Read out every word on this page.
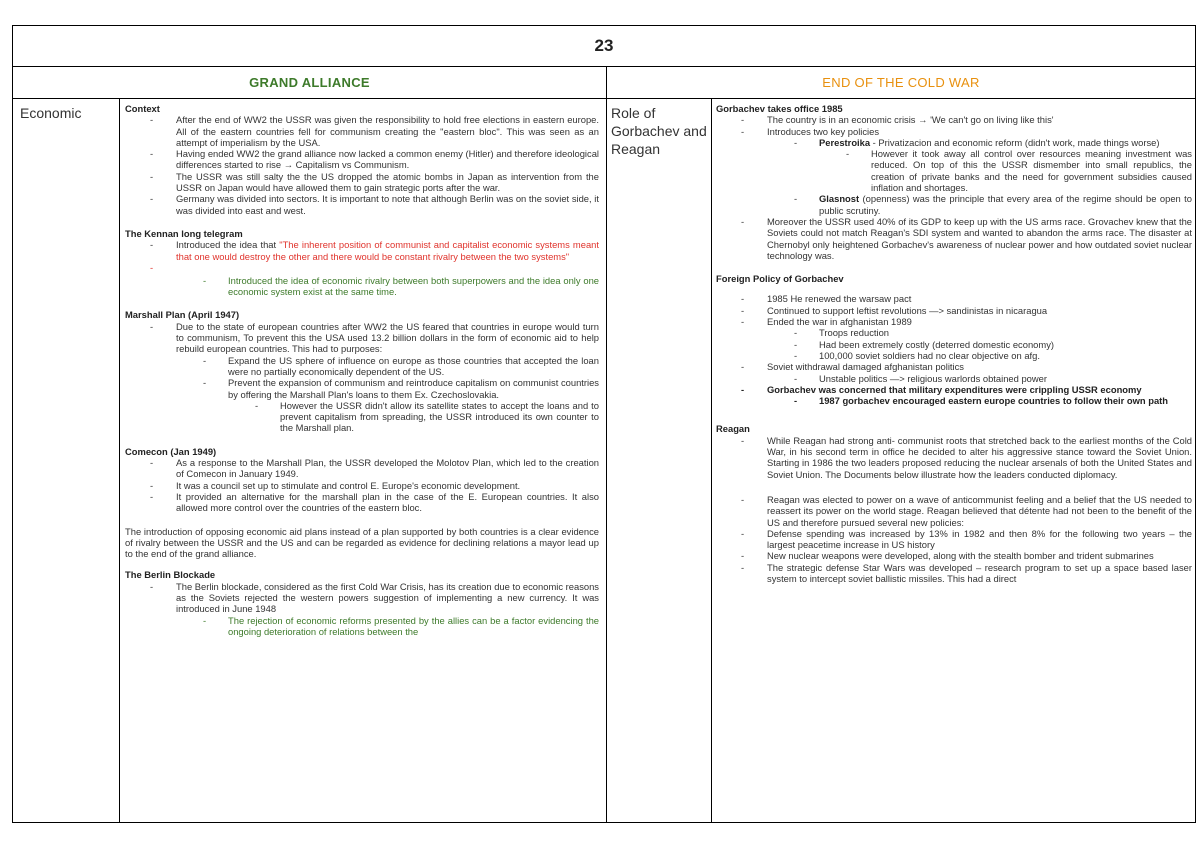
23
GRAND ALLIANCE	END OF THE COLD WAR
Economic	Role of Gorbachev and Reagan
Context
- After the end of WW2 the USSR was given the responsibility to hold free elections in eastern europe. All of the eastern countries fell for communism creating the "eastern bloc". This was seen as an attempt of imperialism by the USA.
- Having ended WW2 the grand alliance now lacked a common enemy (Hitler) and therefore ideological differences started to rise → Capitalism vs Communism.
- The USSR was still salty the the US dropped the atomic bombs in Japan as intervention from the USSR on Japan would have allowed them to gain strategic ports after the war.
- Germany was divided into sectors. It is important to note that although Berlin was on the soviet side, it was divided into east and west.
The Kennan long telegram
- Introduced the idea that "The inherent position of communist and capitalist economic systems meant that one would destroy the other and there would be constant rivalry between the two systems"
-
- Introduced the idea of economic rivalry between both superpowers and the idea only one economic system exist at the same time.
Marshall Plan (April 1947)
- Due to the state of european countries after WW2 the US feared that countries in europe would turn to communism, To prevent this the USA used 13.2 billion dollars in the form of economic aid to help rebuild european countries. This had to purposes:
- Expand the US sphere of influence on europe as those countries that accepted the loan were no partially economically dependent of the US.
- Prevent the expansion of communism and reintroduce capitalism on communist countries by offering the Marshall Plan's loans to them Ex. Czechoslovakia.
- However the USSR didn't allow its satellite states to accept the loans and to prevent capitalism from spreading, the USSR introduced its own counter to the Marshall plan.
Comecon (Jan 1949)
- As a response to the Marshall Plan, the USSR developed the Molotov Plan, which led to the creation of Comecon in January 1949.
- It was a council set up to stimulate and control E. Europe's economic development.
- It provided an alternative for the marshall plan in the case of the E. European countries. It also allowed more control over the countries of the eastern bloc.
The introduction of opposing economic aid plans instead of a plan supported by both countries is a clear evidence of rivalry between the USSR and the US and can be regarded as evidence for declining relations a mayor lead up to the end of the grand alliance.
The Berlin Blockade
- The Berlin blockade, considered as the first Cold War Crisis, has its creation due to economic reasons as the Soviets rejected the western powers suggestion of implementing a new currency. It was introduced in June 1948
- The rejection of economic reforms presented by the allies can be a factor evidencing the ongoing deterioration of relations between the
Gorbachev takes office 1985
- The country is in an economic crisis → 'We can't go on living like this'
- Introduces two key policies
- Perestroika - Privatizacion and economic reform (didn't work, made things worse)
- However it took away all control over resources meaning investment was reduced. On top of this the USSR dismember into small republics, the creation of private banks and the need for government subsidies caused inflation and shortages.
- Glasnost (openness) was the principle that every area of the regime should be open to public scrutiny.
- Moreover the USSR used 40% of its GDP to keep up with the US arms race. Grovachev knew that the Soviets could not match Reagan's SDI system and wanted to abandon the arms race. The disaster at Chernobyl only heightened Gorbachev's awareness of nuclear power and how outdated soviet nuclear technology was.
Foreign Policy of Gorbachev
- 1985 He renewed the warsaw pact
- Continued to support leftist revolutions —> sandinistas in nicaragua
- Ended the war in afghanistan 1989
- Troops reduction
- Had been extremely costly (deterred domestic economy)
- 100,000 soviet soldiers had no clear objective on afg.
- Soviet withdrawal damaged afghanistan politics
- Unstable politics —> religious warlords obtained power
- Gorbachev was concerned that military expenditures were crippling USSR economy
- 1987 gorbachev encouraged eastern europe countries to follow their own path
Reagan
- While Reagan had strong anti- communist roots that stretched back to the earliest months of the Cold War, in his second term in office he decided to alter his aggressive stance toward the Soviet Union. Starting in 1986 the two leaders proposed reducing the nuclear arsenals of both the United States and Soviet Union. The Documents below illustrate how the leaders conducted diplomacy.
- Reagan was elected to power on a wave of anticommunist feeling and a belief that the US needed to reassert its power on the world stage. Reagan believed that détente had not been to the benefit of the US and therefore pursued several new policies:
- Defense spending was increased by 13% in 1982 and then 8% for the following two years – the largest peacetime increase in US history
- New nuclear weapons were developed, along with the stealth bomber and trident submarines
- The strategic defense Star Wars was developed – research program to set up a space based laser system to intercept soviet ballistic missiles. This had a direct
